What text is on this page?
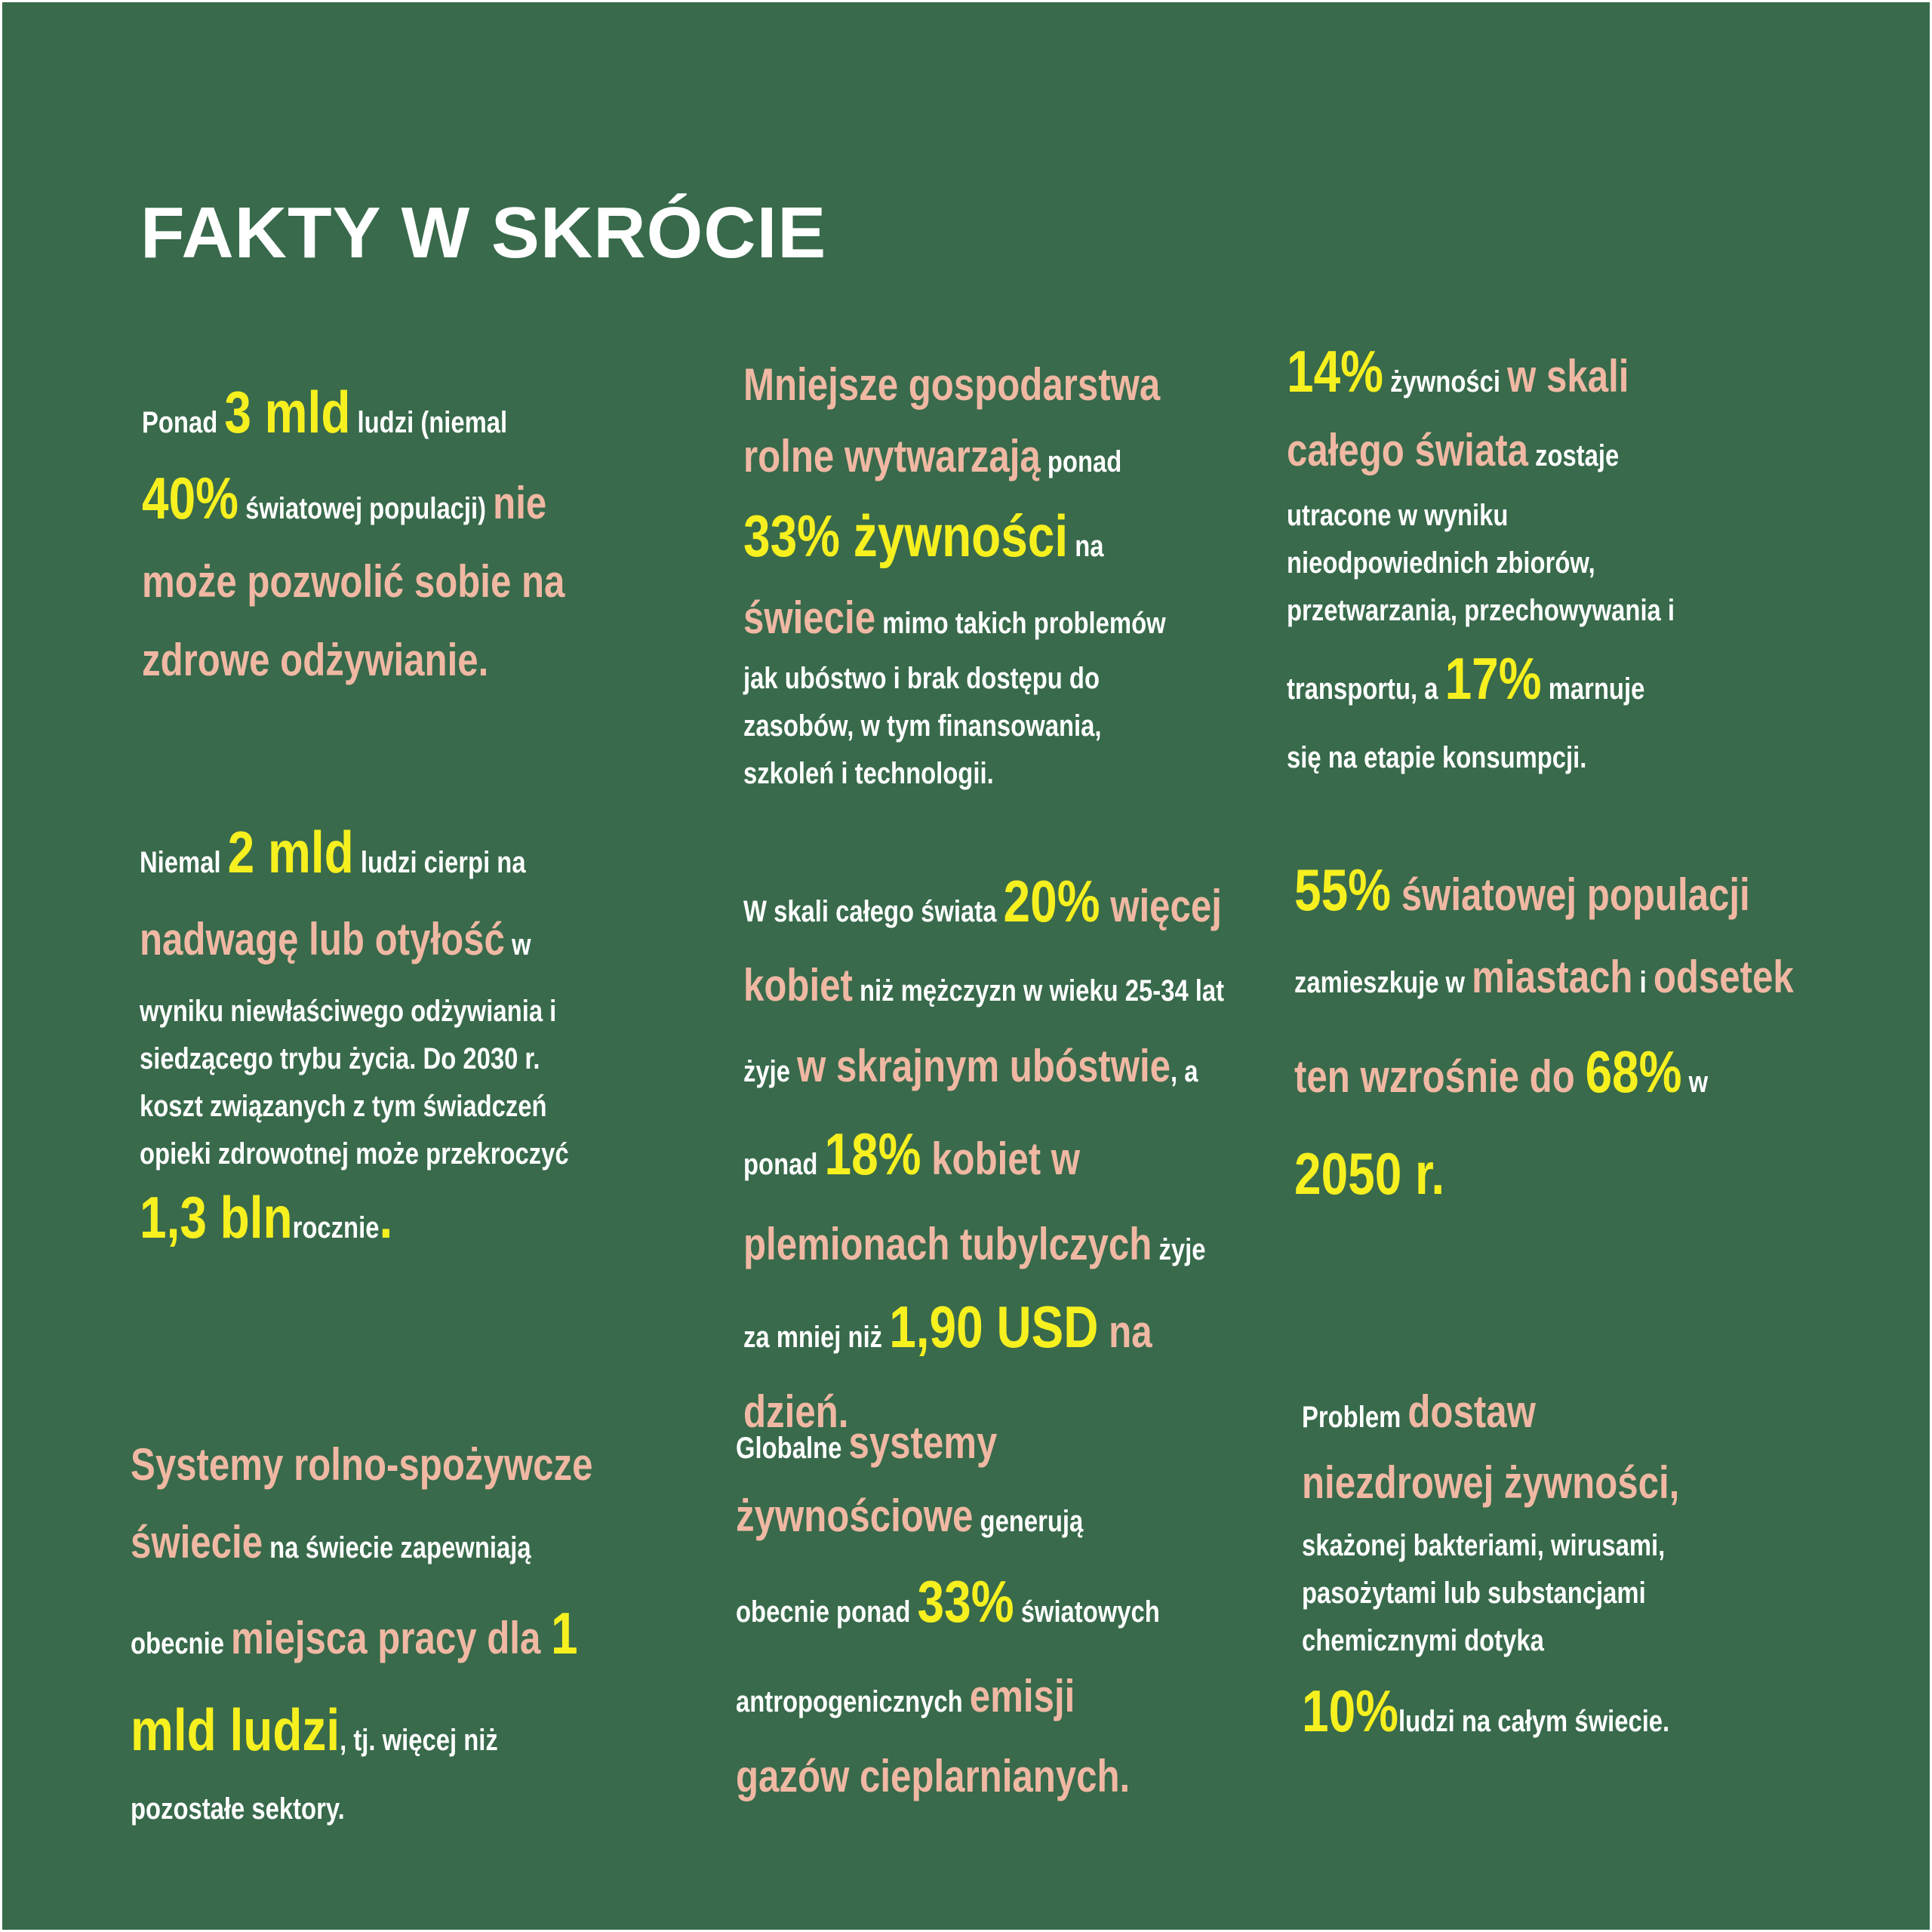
FAKTY W SKRÓCIE
Ponad 3 mld ludzi (niemal
40% światowej populacji) nie
może pozwolić sobie na
zdrowe odżywianie.
Mniejsze gospodarstwa
rolne wytwarzają ponad
33% żywności na
świecie mimo takich problemów
jak ubóstwo i brak dostępu do
zasobów, w tym finansowania,
szkoleń i technologii.
14% żywności w skali
całego świata zostaje
utracone w wyniku
nieodpowiednich zbiorów,
przetwarzania, przechowywania i
transportu, a 17% marnuje
się na etapie konsumpcji.
Niemal 2 mld ludzi cierpi na
nadwagę lub otyłość w
wyniku niewłaściwego odżywiania i
siedzącego trybu życia. Do 2030 r.
koszt związanych z tym świadczeń
opieki zdrowotnej może przekroczyć
1,3 blnrocznie.
W skali całego świata 20% więcej
kobiet niż mężczyzn w wieku 25-34 lat
żyje w skrajnym ubóstwie, a
ponad 18% kobiet w
plemionach tubylczych żyje
za mniej niż 1,90 USD na
dzień.
55% światowej populacji
zamieszkuje w miastach i odsetek
ten wzrośnie do 68% w
2050 r.
Systemy rolno-spożywcze
świecie na świecie zapewniają
obecnie miejsca pracy dla 1
mld ludzi, tj. więcej niż
pozostałe sektory.
Globalne systemy
żywnościowe generują
obecnie ponad 33% światowych
antropogenicznych emisji
gazów cieplarnianych.
Problem dostaw
niezdrowej żywności,
skażonej bakteriami, wirusami,
pasożytami lub substancjami
chemicznymi dotyka
10%ludzi na całym świecie.
